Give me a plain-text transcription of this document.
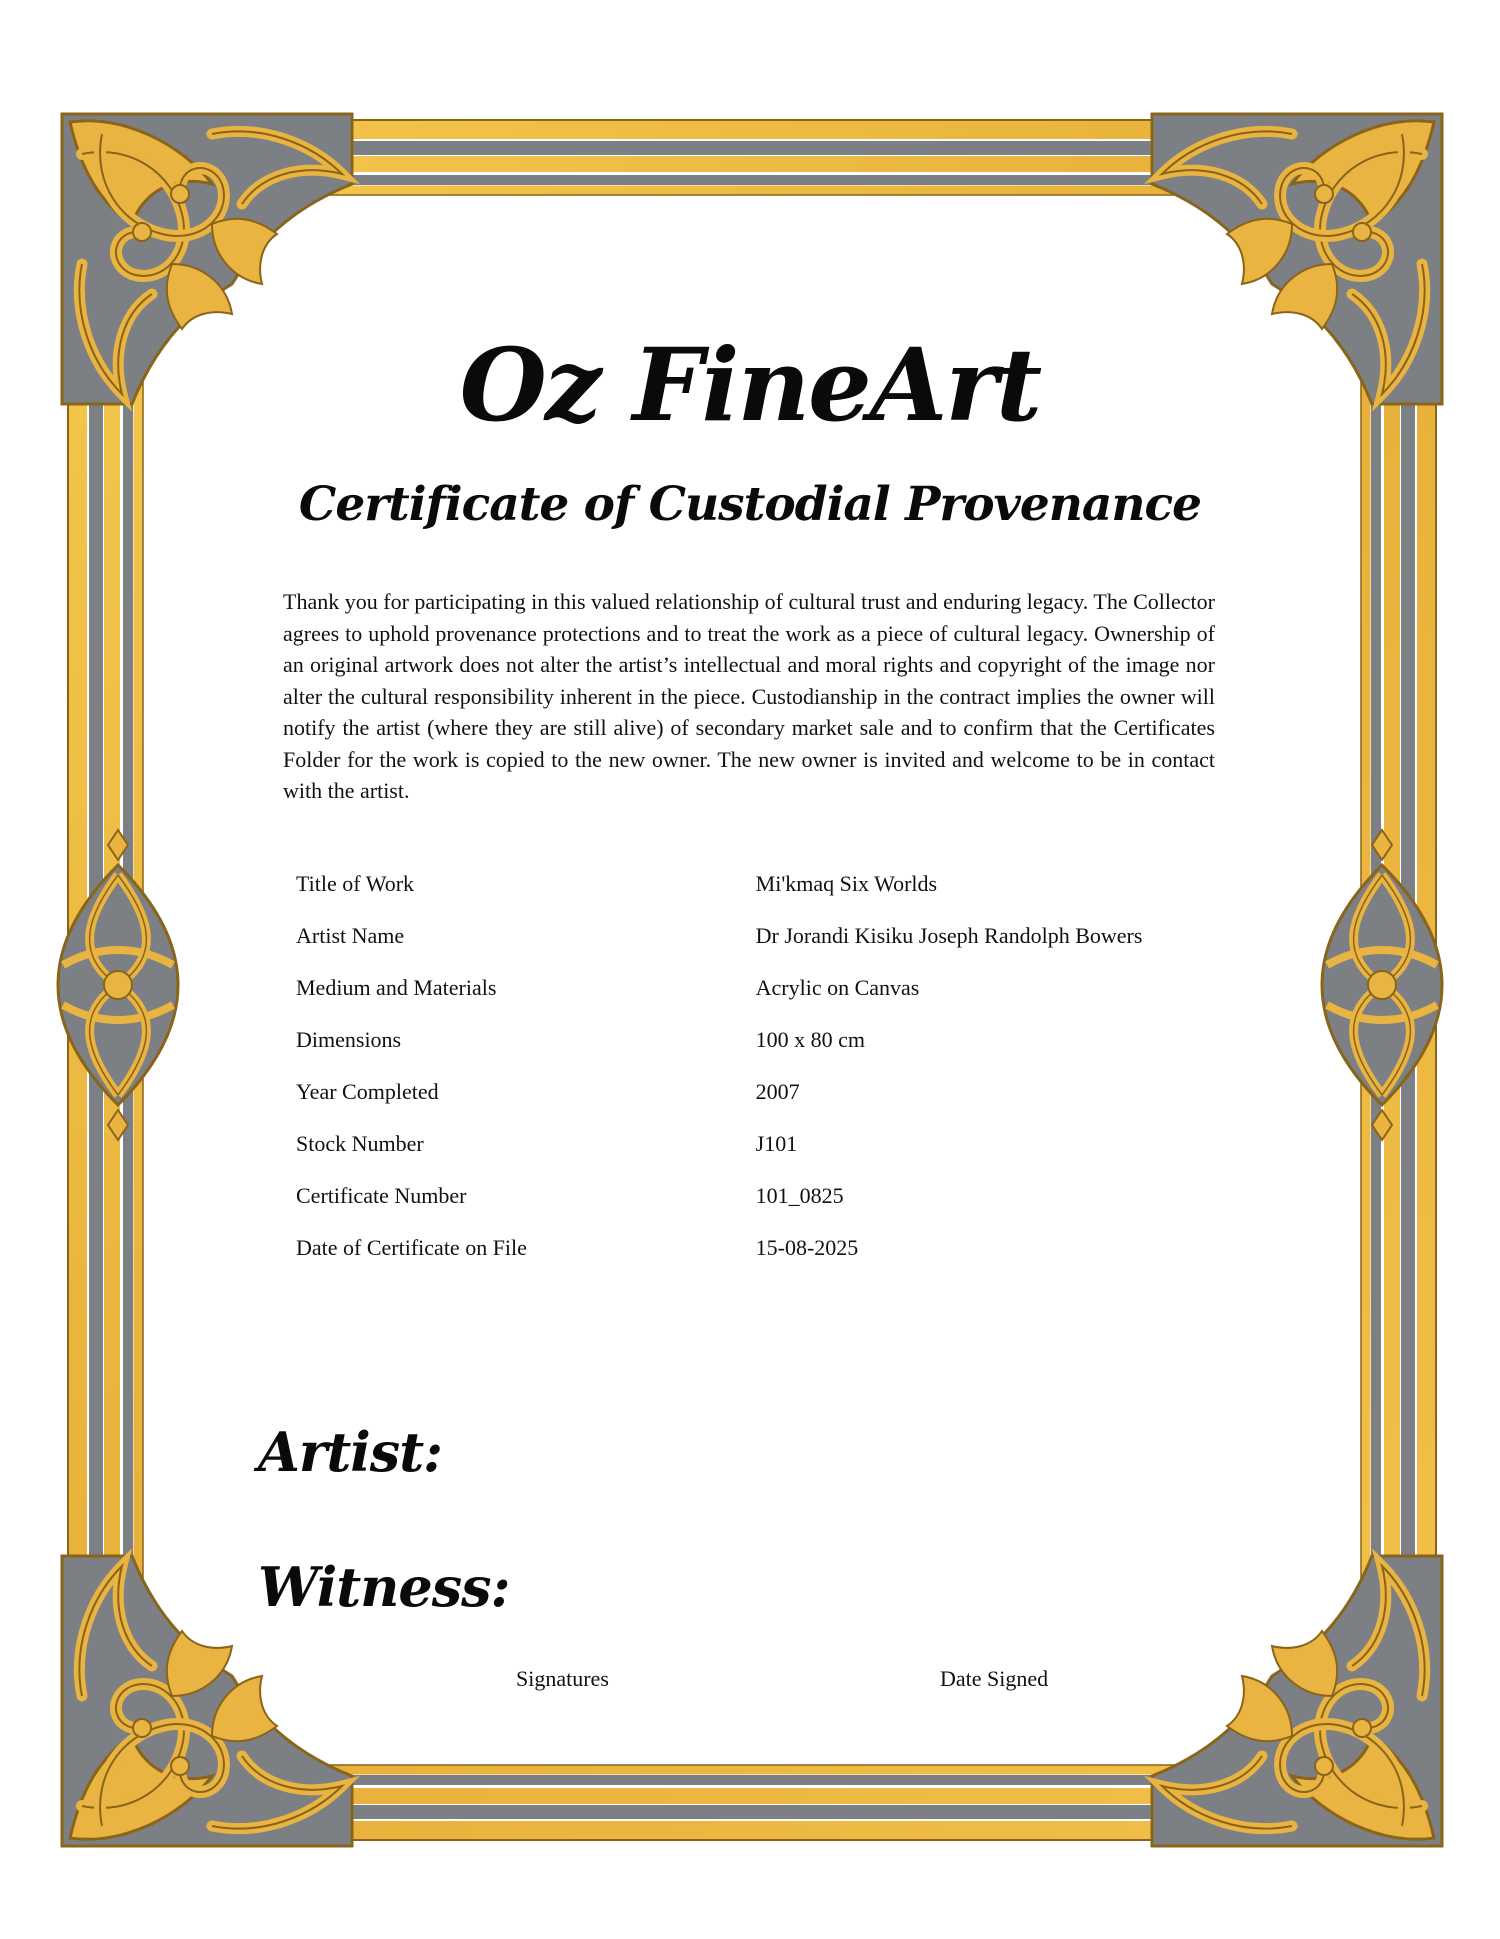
Oz FineArt
Certificate of Custodial Provenance

Thank you for participating in this valued relationship of cultural trust and enduring legacy. The Collector agrees to uphold provenance protections and to treat the work as a piece of cultural legacy. Ownership of an original artwork does not alter the artist’s intellectual and moral rights and copyright of the image nor alter the cultural responsibility inherent in the piece. Custodianship in the contract implies the owner will notify the artist (where they are still alive) of secondary market sale and to confirm that the Certificates Folder for the work is copied to the new owner. The new owner is invited and welcome to be in contact with the artist.

Title of Work	Mi'kmaq Six Worlds
Artist Name	Dr Jorandi Kisiku Joseph Randolph Bowers
Medium and Materials	Acrylic on Canvas
Dimensions	100 x 80 cm
Year Completed	2007
Stock Number	J101
Certificate Number	101_0825
Date of Certificate on File	15-08-2025
Artist:
Witness:
Signatures	Date Signed
